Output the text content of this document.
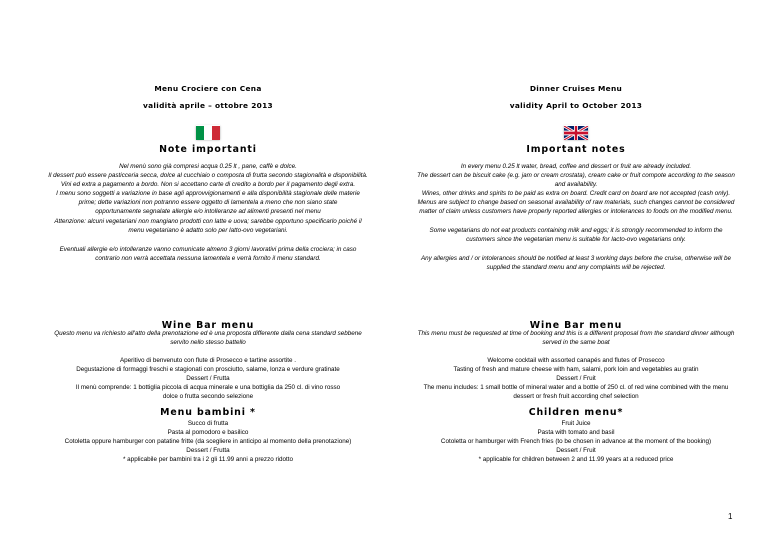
Menu Crociere con Cena
validità aprile – ottobre 2013
Note importanti
Nel menù sono già compresi acqua 0.25 lt , pane, caffè e dolce.
Il dessert può essere pasticceria secca, dolce al cucchiaio o composta di frutta secondo stagionalità e disponibilità.
Vini ed extra a pagamento a bordo. Non si accettano carte di credito a bordo per il pagamento degli extra.
I menu sono soggetti a variazione in base agli approvvigionamenti e alla disponibilità stagionale delle materie
prime; dette variazioni non potranno essere oggetto di lamentela a meno che non siano state
opportunamente segnalate allergie e/o intolleranze ad alimenti presenti nel menu
Attenzione: alcuni vegetariani non mangiano prodotti con latte e uova; sarebbe opportuno specificarlo poiché il
menu vegetariano è adatto solo per latto-ovo vegetariani.
Eventuali allergie e/o intolleranze vanno comunicate almeno 3 giorni lavorativi prima della crociera; in caso
contrario non verrà accettata nessuna lamentela e verrà fornito il menu standard.
Wine Bar menu
Questo menu va richiesto all'atto della prenotazione ed è una proposta differente dalla cena standard sebbene
servito nello stesso battello
Aperitivo di benvenuto con flute di Prosecco e tartine assortite .
Degustazione di formaggi freschi e stagionati con prosciutto, salame, lonza e verdure gratinate
Dessert / Frutta
Il menù comprende: 1 bottiglia piccola di acqua minerale e una bottiglia da 250 cl. di vino rosso
dolce o frutta secondo selezione
Menu bambini *
Succo di frutta
Pasta al pomodoro e basilico
Cotoletta oppure hamburger con patatine fritte (da scegliere in anticipo al momento della prenotazione)
Dessert / Frutta
* applicabile per bambini tra i 2 gli 11.99 anni a prezzo ridotto
Dinner Cruises Menu
validity April to October 2013
Important notes
In every menu 0.25 lt water, bread, coffee and dessert or fruit are already included.
The dessert can be biscuit cake (e.g. jam or cream crostata), cream cake or fruit compote according to the season
and availability.
Wines, other drinks and spirits to be paid as extra on board. Credit card on board are not accepted (cash only).
Menus are subject to change based on seasonal availability of raw materials, such changes cannot be considered
matter of claim unless customers have properly reported allergies or intolerances to foods on the modified menu.
Some vegetarians do not eat products containing milk and eggs; it is strongly recommended to inform the
customers since the vegetarian menu is suitable for lacto-ovo vegetarians only.
Any allergies and / or intolerances should be notified at least 3 working days before the cruise, otherwise will be
supplied the standard menu and any complaints will be rejected.
Wine Bar menu
This menu must be requested at time of booking and this is a different proposal from the standard dinner although
served in the same boat
Welcome cocktail with assorted canapés and flutes of Prosecco
Tasting of fresh and mature cheese with ham, salami, pork loin and vegetables au gratin
Dessert / Fruit
The menu includes: 1 small bottle of mineral water and a bottle of 250 cl. of red wine combined with the menu
dessert or fresh fruit according chef selection
Children menu*
Fruit Juice
Pasta with tomato and basil
Cotoletta or hamburger with French fries (to be chosen in advance at the moment of the booking)
Dessert / Fruit
* applicable for children between 2 and 11.99 years at a reduced price
1
